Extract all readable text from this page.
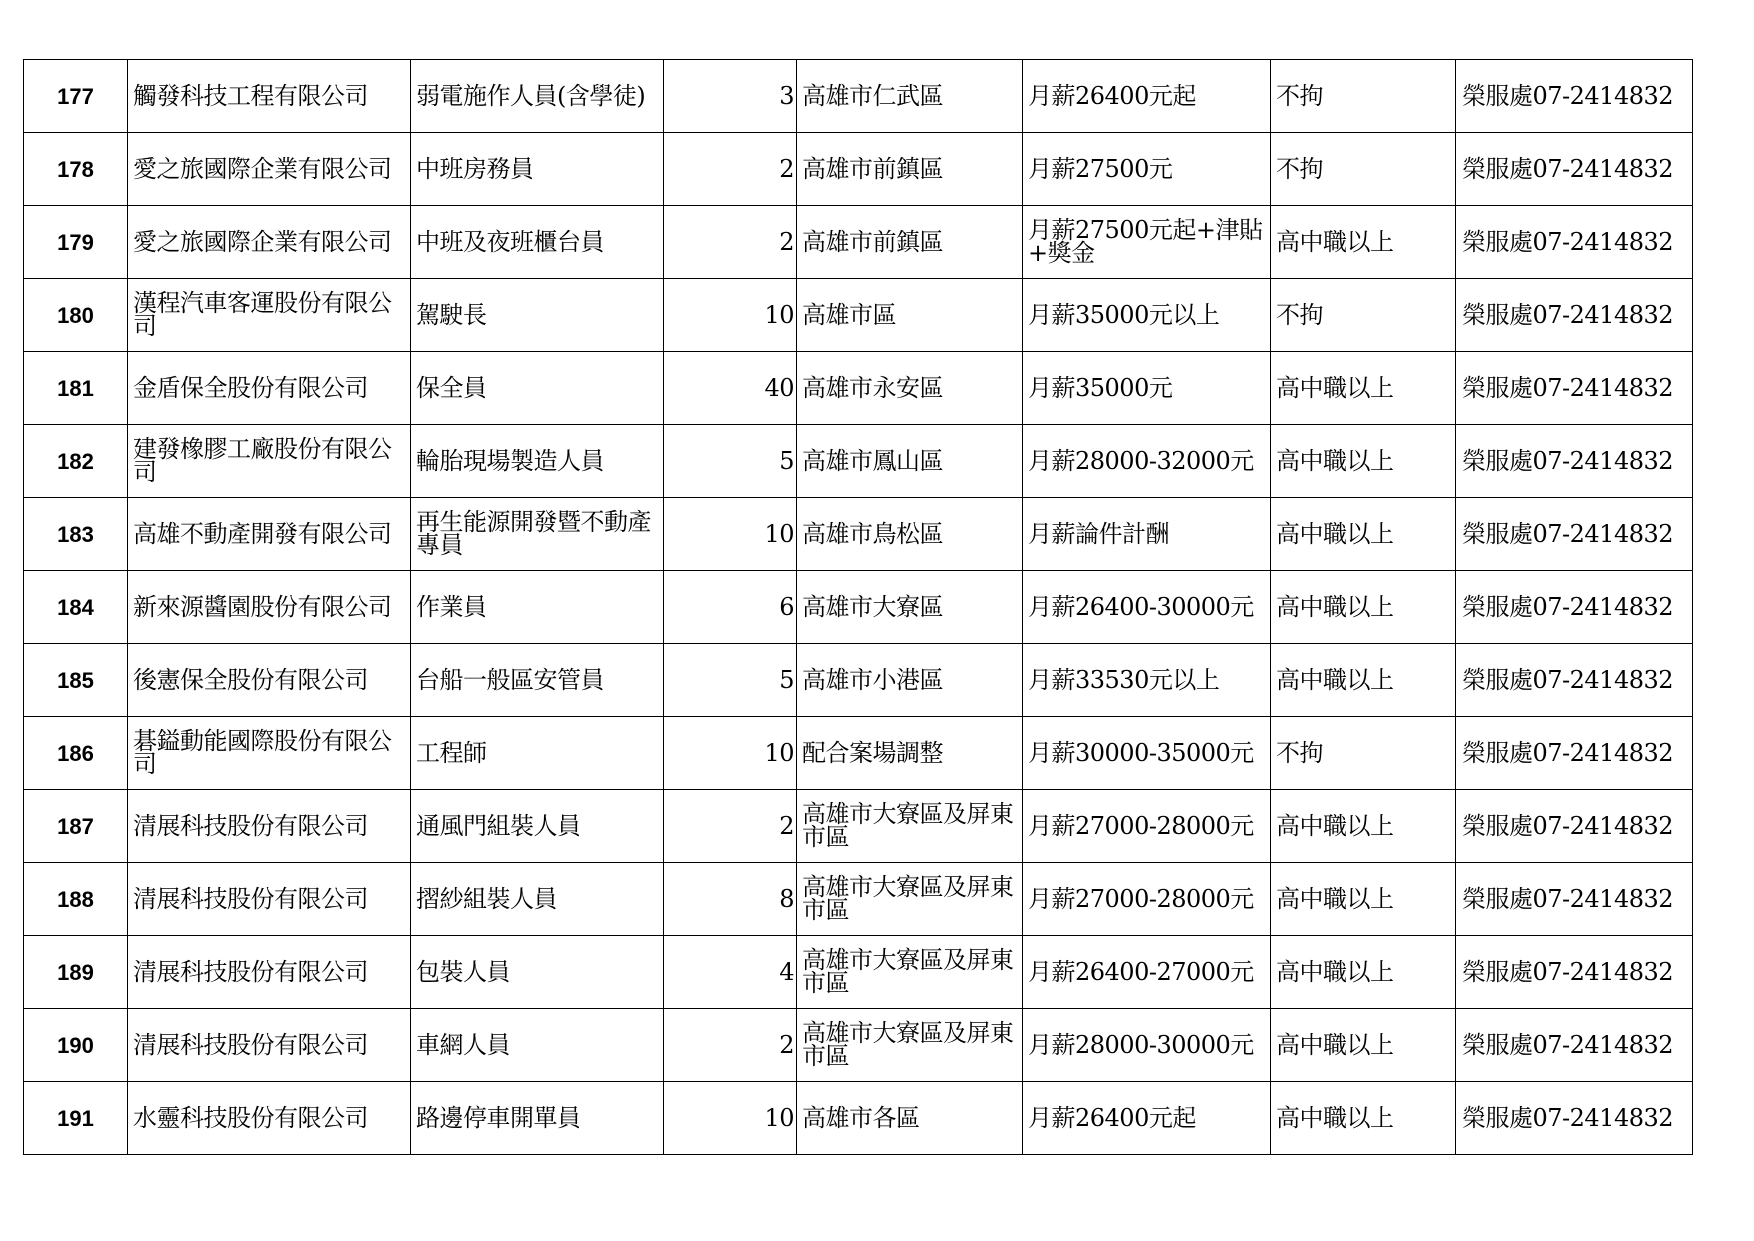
177	觸發科技工程有限公司	弱電施作人員(含學徒)	3	高雄市仁武區	月薪26400元起	不拘	榮服處07-2414832
178	愛之旅國際企業有限公司	中班房務員	2	高雄市前鎮區	月薪27500元	不拘	榮服處07-2414832
179	愛之旅國際企業有限公司	中班及夜班櫃台員	2	高雄市前鎮區	月薪27500元起+津貼+獎金	高中職以上	榮服處07-2414832
180	漢程汽車客運股份有限公司	駕駛長	10	高雄市區	月薪35000元以上	不拘	榮服處07-2414832
181	金盾保全股份有限公司	保全員	40	高雄市永安區	月薪35000元	高中職以上	榮服處07-2414832
182	建發橡膠工廠股份有限公司	輪胎現場製造人員	5	高雄市鳳山區	月薪28000-32000元	高中職以上	榮服處07-2414832
183	高雄不動產開發有限公司	再生能源開發暨不動產專員	10	高雄市鳥松區	月薪論件計酬	高中職以上	榮服處07-2414832
184	新來源醬園股份有限公司	作業員	6	高雄市大寮區	月薪26400-30000元	高中職以上	榮服處07-2414832
185	後憲保全股份有限公司	台船一般區安管員	5	高雄市小港區	月薪33530元以上	高中職以上	榮服處07-2414832
186	碁鎰動能國際股份有限公司	工程師	10	配合案場調整	月薪30000-35000元	不拘	榮服處07-2414832
187	清展科技股份有限公司	通風門組裝人員	2	高雄市大寮區及屏東市區	月薪27000-28000元	高中職以上	榮服處07-2414832
188	清展科技股份有限公司	摺紗組裝人員	8	高雄市大寮區及屏東市區	月薪27000-28000元	高中職以上	榮服處07-2414832
189	清展科技股份有限公司	包裝人員	4	高雄市大寮區及屏東市區	月薪26400-27000元	高中職以上	榮服處07-2414832
190	清展科技股份有限公司	車網人員	2	高雄市大寮區及屏東市區	月薪28000-30000元	高中職以上	榮服處07-2414832
191	水靈科技股份有限公司	路邊停車開單員	10	高雄市各區	月薪26400元起	高中職以上	榮服處07-2414832
